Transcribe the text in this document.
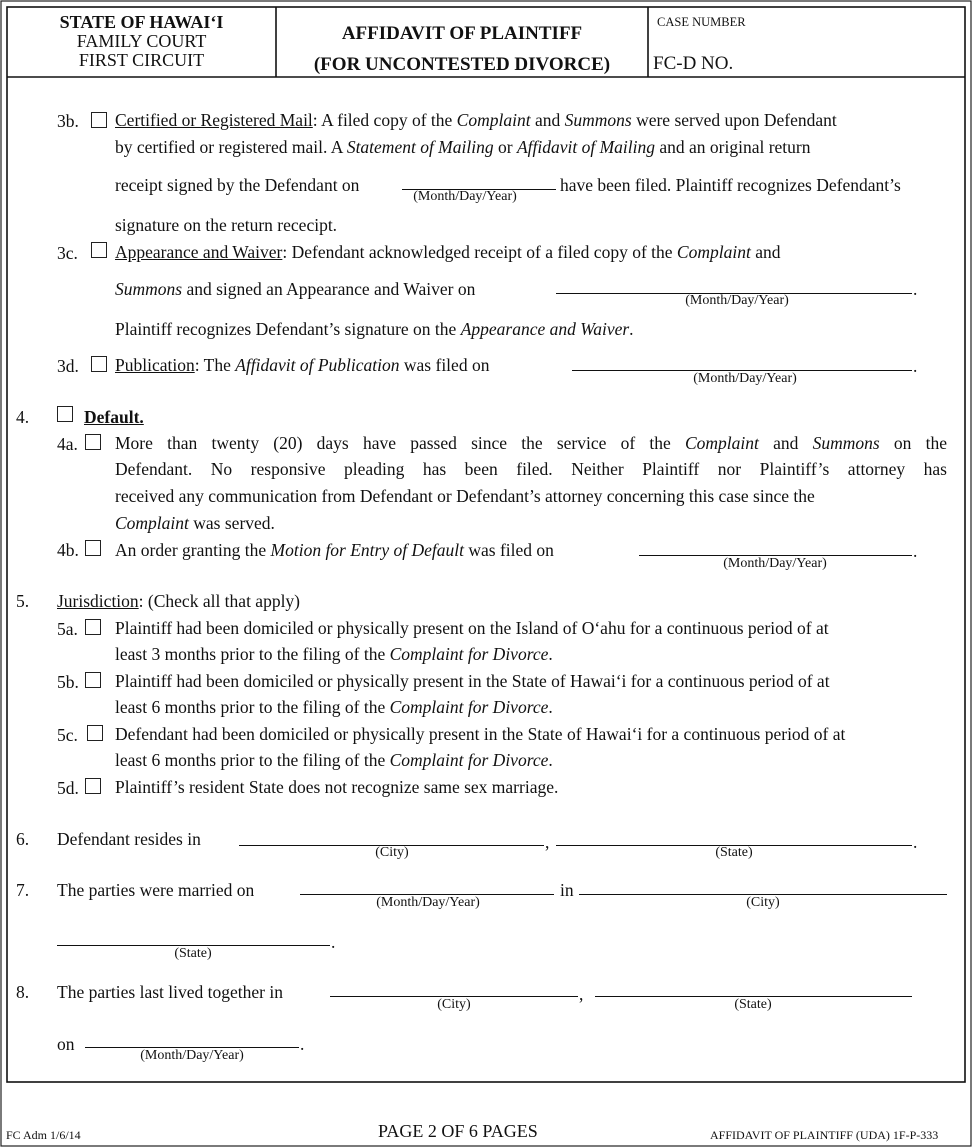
STATE OF HAWAI‘I
FAMILY COURT
FIRST CIRCUIT
AFFIDAVIT OF PLAINTIFF
(FOR UNCONTESTED DIVORCE)
CASE NUMBER
FC-D NO.
3b. Certified or Registered Mail: A filed copy of the Complaint and Summons were served upon Defendant
by certified or registered mail. A Statement of Mailing or Affidavit of Mailing and an original return
receipt signed by the Defendant on
(Month/Day/Year)
have been filed. Plaintiff recognizes Defendant’s
signature on the return rececipt.
3c. Appearance and Waiver: Defendant acknowledged receipt of a filed copy of the Complaint and
Summons and signed an Appearance and Waiver on	.
(Month/Day/Year)
Plaintiff recognizes Defendant’s signature on the Appearance and Waiver.
3d. Publication: The Affidavit of Publication was filed on	.
(Month/Day/Year)
4.	Default.
4a. More than twenty (20) days have passed since the service of the Complaint and Summons on the
Defendant. No responsive pleading has been filed. Neither Plaintiff nor Plaintiff’s attorney has
received any communication from Defendant or Defendant’s attorney concerning this case since the
Complaint was served.
4b. An order granting the Motion for Entry of Default was filed on	.
(Month/Day/Year)
5. Jurisdiction: (Check all that apply)
5a. Plaintiff had been domiciled or physically present on the Island of O‘ahu for a continuous period of at
least 3 months prior to the filing of the Complaint for Divorce.
5b. Plaintiff had been domiciled or physically present in the State of Hawai‘i for a continuous period of at
least 6 months prior to the filing of the Complaint for Divorce.
5c. Defendant had been domiciled or physically present in the State of Hawai‘i for a continuous period of at
least 6 months prior to the filing of the Complaint for Divorce.
5d. Plaintiff’s resident State does not recognize same sex marriage.
6. Defendant resides in	,	.
(City)	(State)
7. The parties were married on	in
(Month/Day/Year)	(City)
.
(State)
8. The parties last lived together in	,
(City)	(State)
on	.
(Month/Day/Year)
FC Adm 1/6/14	PAGE 2 OF 6 PAGES	AFFIDAVIT OF PLAINTIFF (UDA) 1F-P-333
